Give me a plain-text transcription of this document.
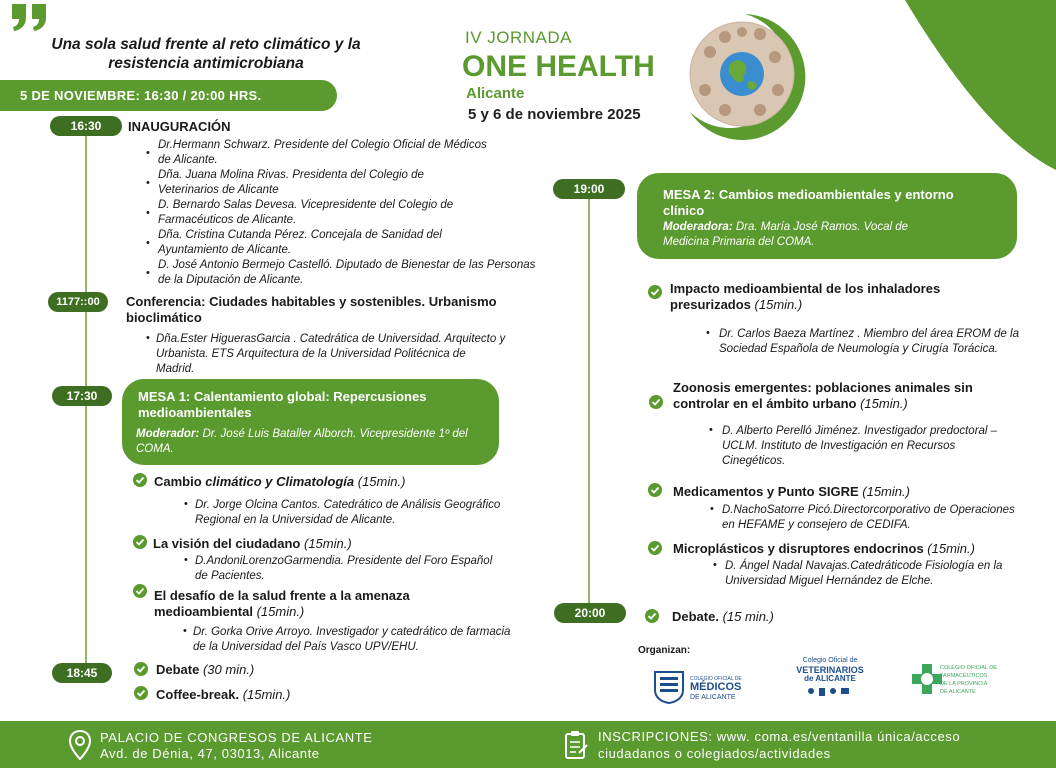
Una sola salud frente al reto climático y la resistencia antimicrobiana
5 DE NOVIEMBRE: 16:30 / 20:00 HRS.
IV JORNADA
ONE HEALTH
Alicante
5 y 6 de noviembre 2025
16:30	INAUGURACIÓN
Dr.Hermann Schwarz. Presidente del Colegio Oficial de Médicos de Alicante.
Dña. Juana Molina Rivas. Presidenta del Colegio de Veterinarios de Alicante
D. Bernardo Salas Devesa. Vicepresidente del Colegio de Farmacéuticos de Alicante.
Dña. Cristina Cutanda Pérez. Concejala de Sanidad del Ayuntamiento de Alicante.
D. José Antonio Bermejo Castelló. Diputado de Bienestar de las Personas de la Diputación de Alicante.
•
•
•
•
•
1177::00	Conferencia: Ciudades habitables y sostenibles. Urbanismo bioclimático
• Dña.Ester HiguerasGarcia . Catedrática de Universidad. Arquitecto y Urbanista. ETS Arquitectura de la Universidad Politécnica de Madrid.
17:30	MESA 1: Calentamiento global: Repercusiones medioambientales
Moderador: Dr. José Luis Bataller Alborch. Vicepresidente 1º del COMA.
Cambio climático y Climatología (15min.)
• Dr. Jorge Olcina Cantos. Catedrático de Análisis Geográfico Regional en la Universidad de Alicante.
La visión del ciudadano (15min.)
• D.AndoniLorenzoGarmendia. Presidente del Foro Español de Pacientes.
El desafío de la salud frente a la amenaza medioambiental (15min.)
• Dr. Gorka Orive Arroyo. Investigador y catedrático de farmacia de la Universidad del País Vasco UPV/EHU.
18:45	Debate (30 min.)
Coffee-break. (15min.)
19:00	MESA 2: Cambios medioambientales y entorno clínico
Moderadora: Dra. María José Ramos. Vocal de Medicina Primaria del COMA.
Impacto medioambiental de los inhaladores presurizados (15min.)
• Dr. Carlos Baeza Martínez . Miembro del área EROM de la Sociedad Española de Neumología y Cirugía Torácica.
Zoonosis emergentes: poblaciones animales sin controlar en el ámbito urbano (15min.)
• D. Alberto Perelló Jiménez. Investigador predoctoral – UCLM. Instituto de Investigación en Recursos Cinegéticos.
Medicamentos y Punto SIGRE (15min.)
• D.NachoSatorre Picó.Directorcorporativo de Operaciones en HEFAME y consejero de CEDIFA.
Microplásticos y disruptores endocrinos (15min.)
• D. Ángel Nadal Navajas.Catedráticode Fisiología en la Universidad Miguel Hernández de Elche.
20:00	Debate. (15 min.)
Organizan:
COLEGIO OFICIAL DE
MÉDICOS
DE ALICANTE
Colegio Oficial de
VETERINARIOS
de ALICANTE
COLEGIO OFICIAL DE
FARMACÉUTICOS
DE LA PROVINCIA
DE ALICANTE
PALACIO DE CONGRESOS DE ALICANTE
Avd. de Dénia, 47, 03013, Alicante
INSCRIPCIONES: www. coma.es/ventanilla única/acceso
ciudadanos o colegiados/actividades
